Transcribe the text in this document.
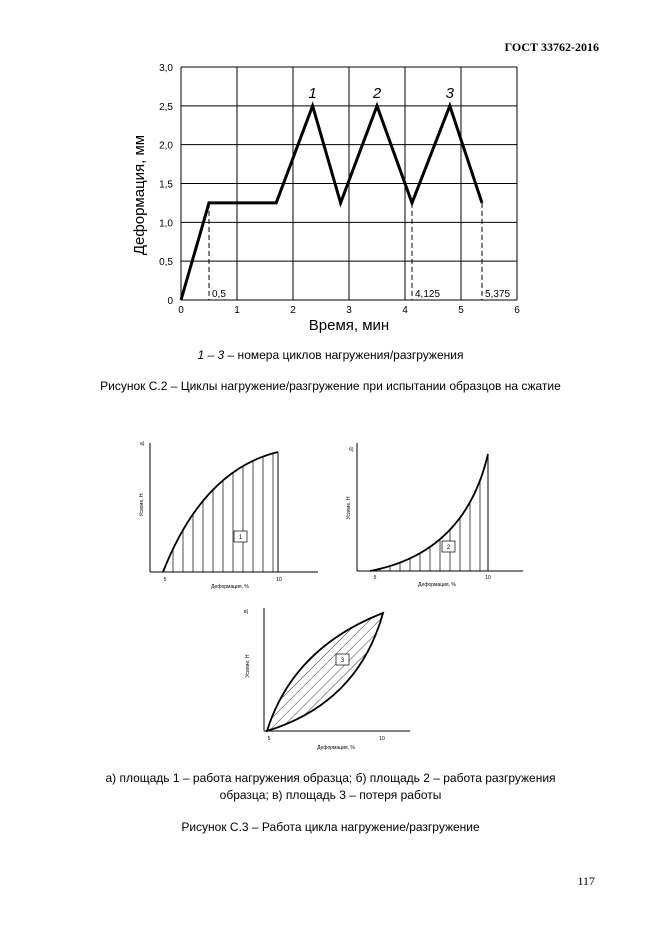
ГОСТ 33762-2016
0	1	2	3	4	5	6
0
0,5
1,0
1,5
2,0
2,5
3,0
1	2	3
0,5	4,125	5,375
Деформация, мм
Время, мин
1 – 3 – номера циклов нагружения/разгружения
Рисунок С.2 – Циклы нагружение/разгружение при испытании образцов на сжатие
1
а)
Усилие, Н
5	10
Деформация, %
2
б)
Усилие, Н
5	10
Деформация, %
3
в)
Усилие, Н
5	10
Деформация, %
а) площадь 1 – работа нагружения образца; б) площадь 2 – работа разгружения
образца; в) площадь 3 – потеря работы
Рисунок С.3 – Работа цикла нагружение/разгружение
117
